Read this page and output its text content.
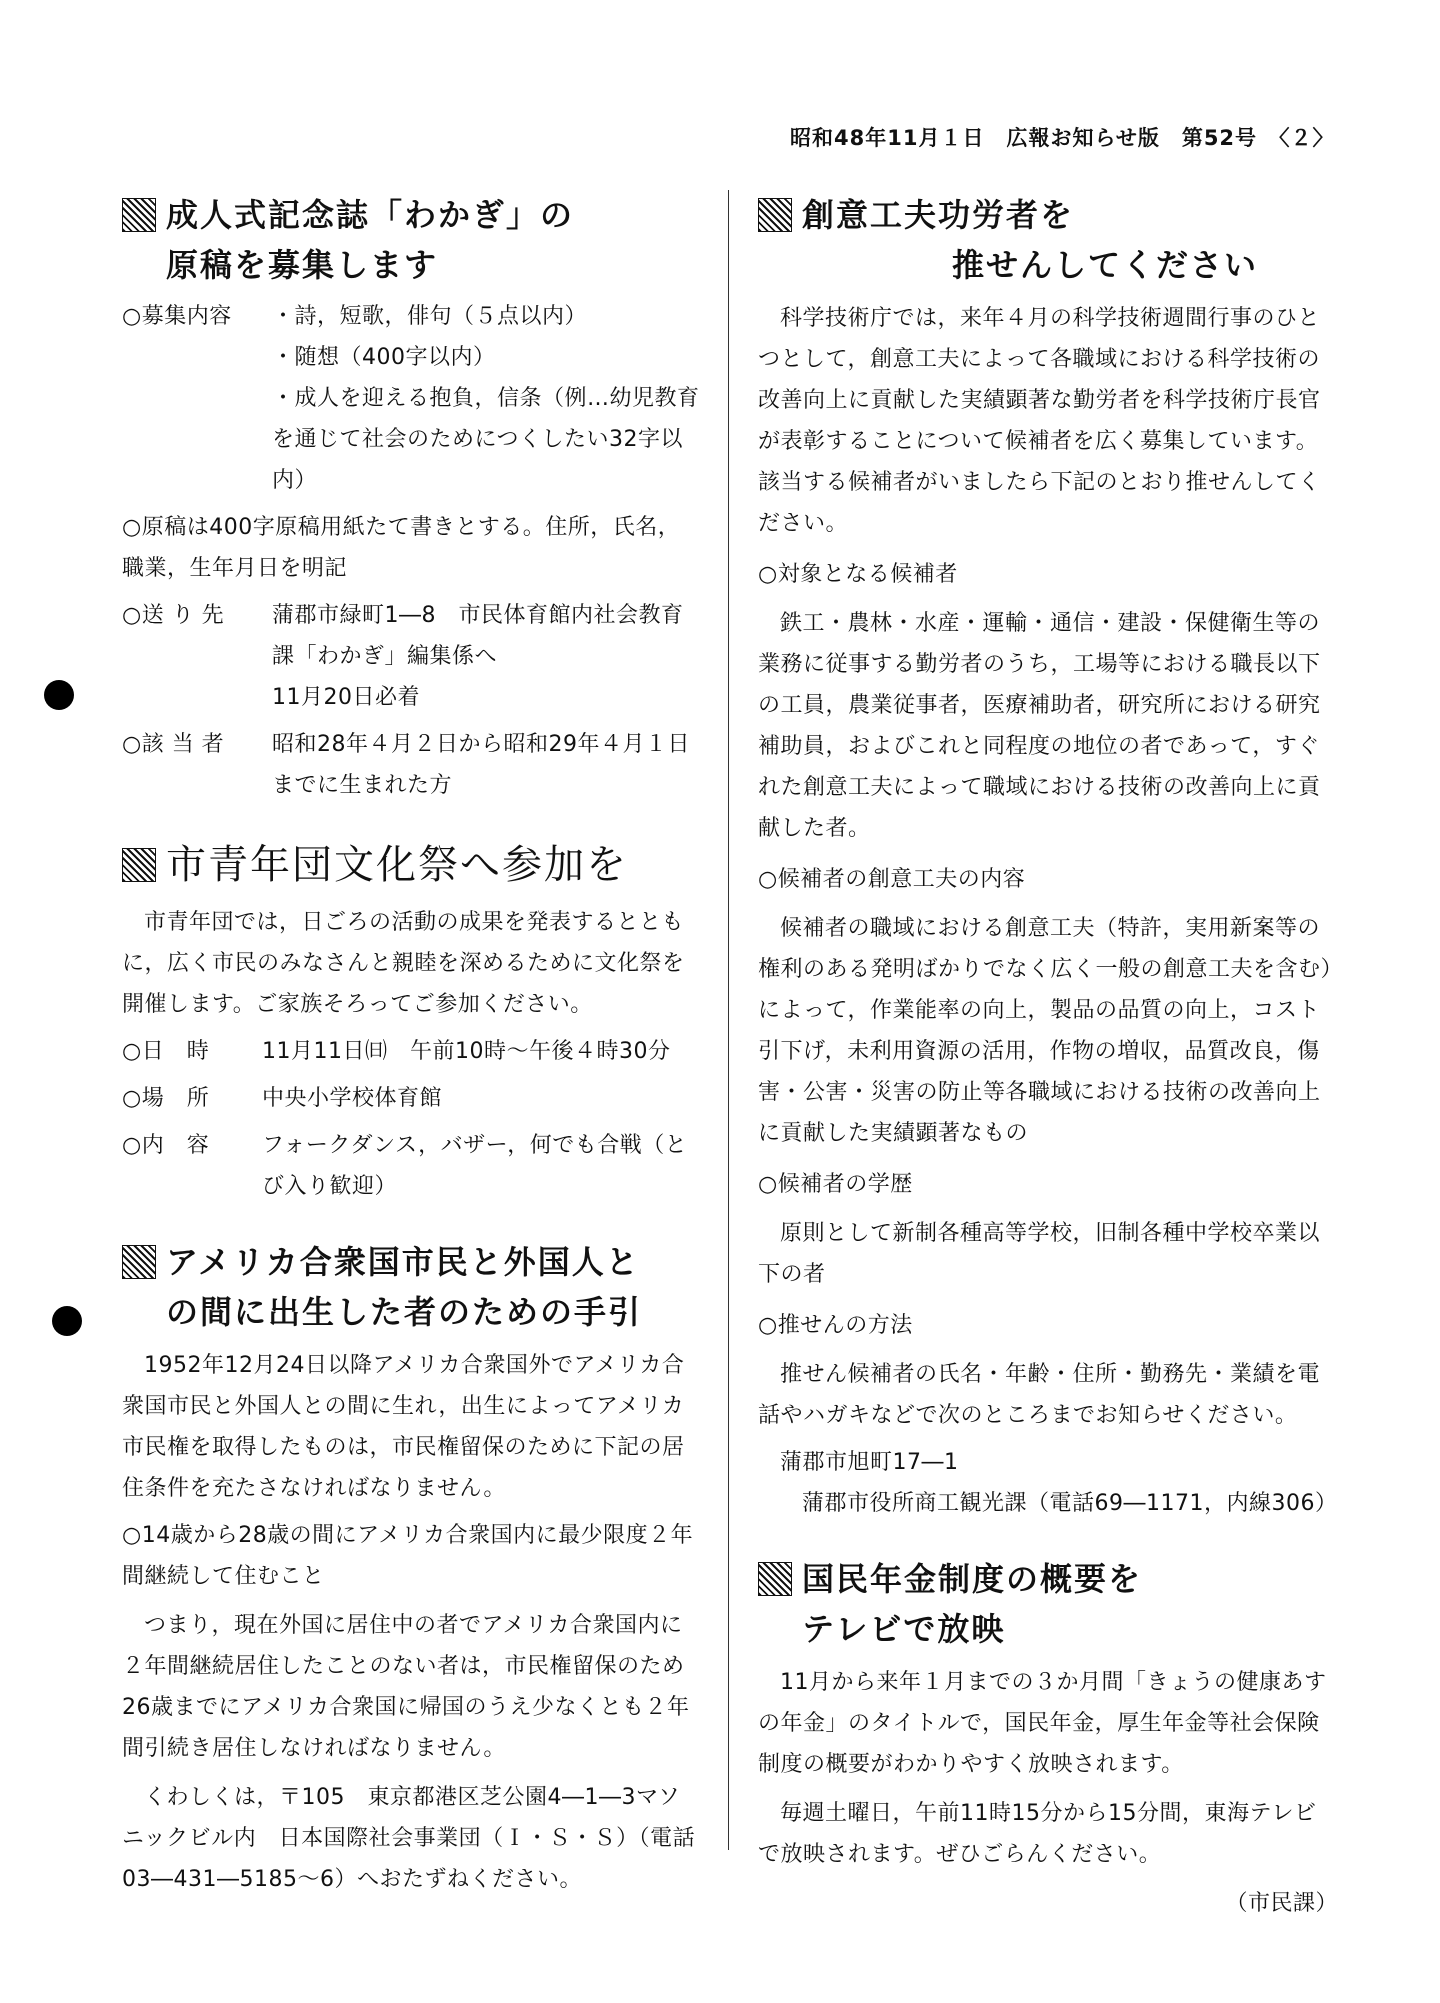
昭和48年11月１日　広報お知らせ版　第52号　〈２〉
成人式記念誌「わかぎ」の
原稿を募集します
○募集内容	・詩，短歌，俳句（５点以内）
・随想（400字以内）
・成人を迎える抱負，信条（例…幼児教育を通じて社会のためにつくしたい32字以内）
○原稿は400字原稿用紙たて書きとする。住所，氏名，職業，生年月日を明記
○送 り 先	蒲郡市緑町1―8　市民体育館内社会教育課「わかぎ」編集係へ
11月20日必着
○該 当 者	昭和28年４月２日から昭和29年４月１日までに生まれた方
市青年団文化祭へ参加を
市青年団では，日ごろの活動の成果を発表するとともに，広く市民のみなさんと親睦を深めるために文化祭を開催します。ご家族そろってご参加ください。
○日　時	11月11日㈰　午前10時～午後４時30分
○場　所	中央小学校体育館
○内　容	フォークダンス，バザー，何でも合戦（とび入り歓迎）
アメリカ合衆国市民と外国人と
の間に出生した者のための手引
1952年12月24日以降アメリカ合衆国外でアメリカ合衆国市民と外国人との間に生れ，出生によってアメリカ市民権を取得したものは，市民権留保のために下記の居住条件を充たさなければなりません。
○14歳から28歳の間にアメリカ合衆国内に最少限度２年間継続して住むこと
つまり，現在外国に居住中の者でアメリカ合衆国内に２年間継続居住したことのない者は，市民権留保のため26歳までにアメリカ合衆国に帰国のうえ少なくとも２年間引続き居住しなければなりません。
くわしくは，〒105　東京都港区芝公園4―1―3マソニックビル内　日本国際社会事業団（Ｉ・Ｓ・Ｓ）（電話03―431―5185～6）へおたずねください。
創意工夫功労者を
推せんしてください
科学技術庁では，来年４月の科学技術週間行事のひとつとして，創意工夫によって各職域における科学技術の改善向上に貢献した実績顕著な勤労者を科学技術庁長官が表彰することについて候補者を広く募集しています。該当する候補者がいましたら下記のとおり推せんしてください。
○対象となる候補者
鉄工・農林・水産・運輸・通信・建設・保健衛生等の業務に従事する勤労者のうち，工場等における職長以下の工員，農業従事者，医療補助者，研究所における研究補助員，およびこれと同程度の地位の者であって，すぐれた創意工夫によって職域における技術の改善向上に貢献した者。
○候補者の創意工夫の内容
候補者の職域における創意工夫（特許，実用新案等の権利のある発明ばかりでなく広く一般の創意工夫を含む）によって，作業能率の向上，製品の品質の向上，コスト引下げ，未利用資源の活用，作物の増収，品質改良，傷害・公害・災害の防止等各職域における技術の改善向上に貢献した実績顕著なもの
○候補者の学歴
原則として新制各種高等学校，旧制各種中学校卒業以下の者
○推せんの方法
推せん候補者の氏名・年齢・住所・勤務先・業績を電話やハガキなどで次のところまでお知らせください。
蒲郡市旭町17―1
蒲郡市役所商工観光課（電話69―1171，内線306）
国民年金制度の概要を
テレビで放映
11月から来年１月までの３か月間「きょうの健康あすの年金」のタイトルで，国民年金，厚生年金等社会保険制度の概要がわかりやすく放映されます。
毎週土曜日，午前11時15分から15分間，東海テレビで放映されます。ぜひごらんください。
（市民課）
